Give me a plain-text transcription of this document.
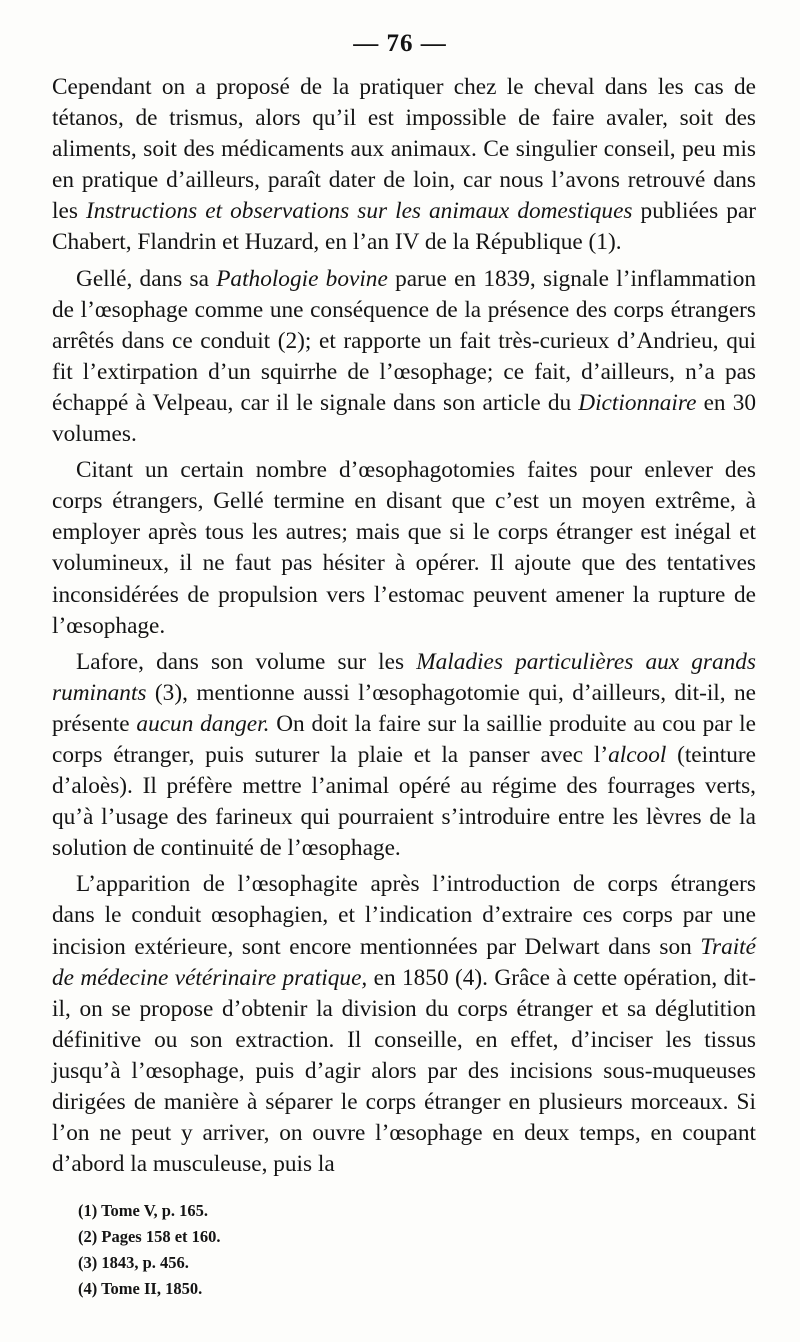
— 76 —

Cependant on a proposé de la pratiquer chez le cheval dans les cas de tétanos, de trismus, alors qu’il est impossible de faire avaler, soit des aliments, soit des médicaments aux animaux. Ce singulier conseil, peu mis en pratique d’ailleurs, paraît dater de loin, car nous l’avons retrouvé dans les Instructions et observations sur les animaux domestiques publiées par Chabert, Flandrin et Huzard, en l’an IV de la République (1).

Gellé, dans sa Pathologie bovine parue en 1839, signale l’inflammation de l’œsophage comme une conséquence de la présence des corps étrangers arrêtés dans ce conduit (2); et rapporte un fait très-curieux d’Andrieu, qui fit l’extirpation d’un squirrhe de l’œsophage; ce fait, d’ailleurs, n’a pas échappé à Velpeau, car il le signale dans son article du Dictionnaire en 30 volumes.

Citant un certain nombre d’œsophagotomies faites pour enlever des corps étrangers, Gellé termine en disant que c’est un moyen extrême, à employer après tous les autres; mais que si le corps étranger est inégal et volumineux, il ne faut pas hésiter à opérer. Il ajoute que des tentatives inconsidérées de propulsion vers l’estomac peuvent amener la rupture de l’œsophage.

Lafore, dans son volume sur les Maladies particulières aux grands ruminants (3), mentionne aussi l’œsophagotomie qui, d’ailleurs, dit-il, ne présente aucun danger. On doit la faire sur la saillie produite au cou par le corps étranger, puis suturer la plaie et la panser avec l’alcool (teinture d’aloès). Il préfère mettre l’animal opéré au régime des fourrages verts, qu’à l’usage des farineux qui pourraient s’introduire entre les lèvres de la solution de continuité de l’œsophage.

L’apparition de l’œsophagite après l’introduction de corps étrangers dans le conduit œsophagien, et l’indication d’extraire ces corps par une incision extérieure, sont encore mentionnées par Delwart dans son Traité de médecine vétérinaire pratique, en 1850 (4). Grâce à cette opération, dit-il, on se propose d’obtenir la division du corps étranger et sa déglutition définitive ou son extraction. Il conseille, en effet, d’inciser les tissus jusqu’à l’œsophage, puis d’agir alors par des incisions sous-muqueuses dirigées de manière à séparer le corps étranger en plusieurs morceaux. Si l’on ne peut y arriver, on ouvre l’œsophage en deux temps, en coupant d’abord la musculeuse, puis la

(1) Tome V, p. 165.
(2) Pages 158 et 160.
(3) 1843, p. 456.
(4) Tome II, 1850.
